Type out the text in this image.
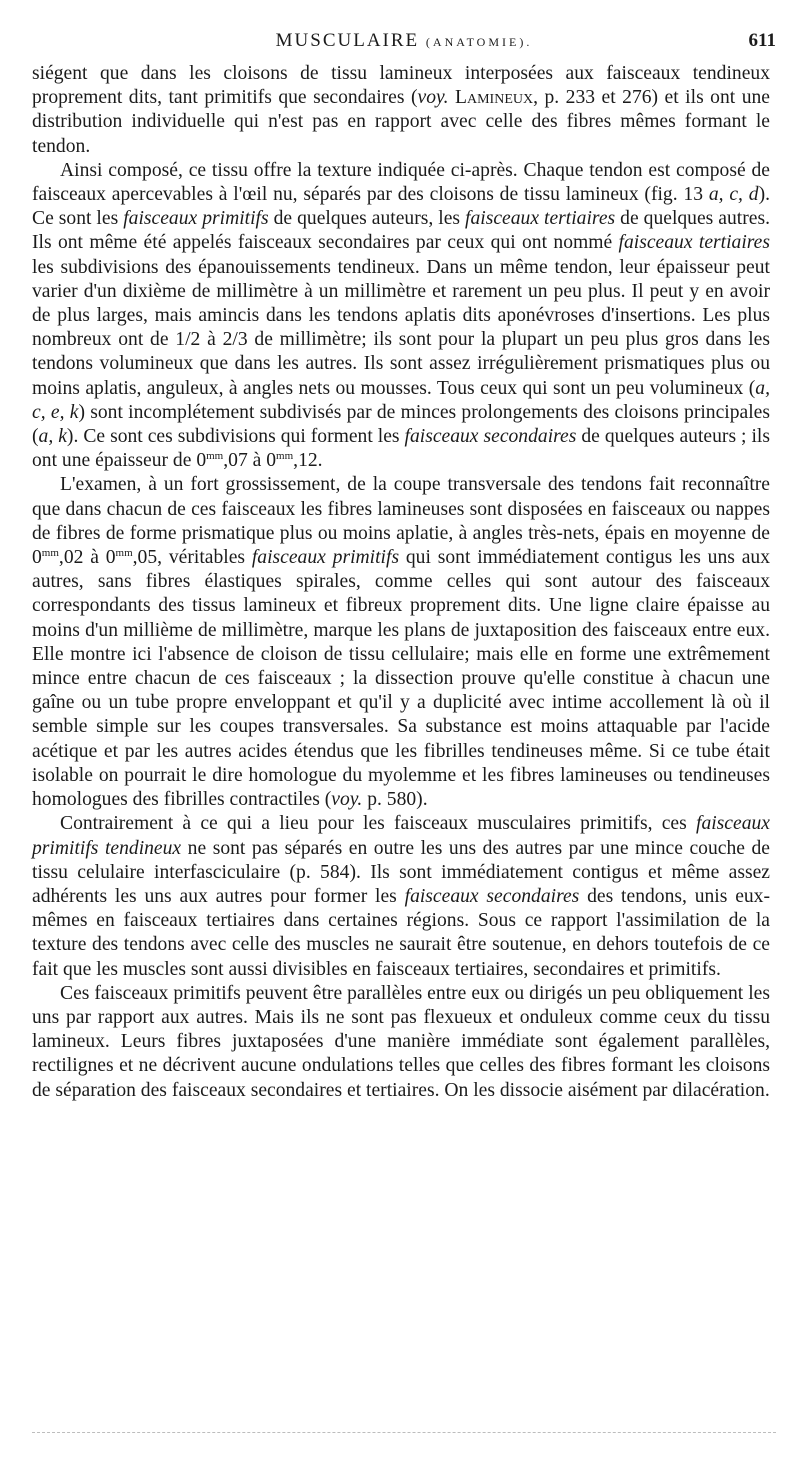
MUSCULAIRE (ANATOMIE).	611

siégent que dans les cloisons de tissu lamineux interposées aux faisceaux tendineux proprement dits, tant primitifs que secondaires (voy. Lamineux, p. 233 et 276) et ils ont une distribution individuelle qui n'est pas en rapport avec celle des fibres mêmes formant le tendon.

Ainsi composé, ce tissu offre la texture indiquée ci-après. Chaque tendon est composé de faisceaux apercevables à l'œil nu, séparés par des cloisons de tissu lamineux (fig. 13 a, c, d). Ce sont les faisceaux primitifs de quelques auteurs, les faisceaux tertiaires de quelques autres. Ils ont même été appelés faisceaux secondaires par ceux qui ont nommé faisceaux tertiaires les subdivisions des épanouissements tendineux. Dans un même tendon, leur épaisseur peut varier d'un dixième de millimètre à un millimètre et rarement un peu plus. Il peut y en avoir de plus larges, mais amincis dans les tendons aplatis dits aponévroses d'insertions. Les plus nombreux ont de 1/2 à 2/3 de millimètre; ils sont pour la plupart un peu plus gros dans les tendons volumineux que dans les autres. Ils sont assez irrégulièrement prismatiques plus ou moins aplatis, anguleux, à angles nets ou mousses. Tous ceux qui sont un peu volumineux (a, c, e, k) sont incomplétement subdivisés par de minces prolongements des cloisons principales (a, k). Ce sont ces subdivisions qui forment les faisceaux secondaires de quelques auteurs ; ils ont une épaisseur de $0^{mm},07$ à $0^{mm},12$.

L'examen, à un fort grossissement, de la coupe transversale des tendons fait reconnaître que dans chacun de ces faisceaux les fibres lamineuses sont disposées en faisceaux ou nappes de fibres de forme prismatique plus ou moins aplatie, à angles très-nets, épais en moyenne de $0^{mm},02$ à $0^{mm},05$, véritables faisceaux primitifs qui sont immédiatement contigus les uns aux autres, sans fibres élastiques spirales, comme celles qui sont autour des faisceaux correspondants des tissus lamineux et fibreux proprement dits. Une ligne claire épaisse au moins d'un millième de millimètre, marque les plans de juxtaposition des faisceaux entre eux. Elle montre ici l'absence de cloison de tissu cellulaire; mais elle en forme une extrêmement mince entre chacun de ces faisceaux ; la dissection prouve qu'elle constitue à chacun une gaîne ou un tube propre enveloppant et qu'il y a duplicité avec intime accollement là où il semble simple sur les coupes transversales. Sa substance est moins attaquable par l'acide acétique et par les autres acides étendus que les fibrilles tendineuses même. Si ce tube était isolable on pourrait le dire homologue du myolemme et les fibres lamineuses ou tendineuses homologues des fibrilles contractiles (voy. p. 580).

Contrairement à ce qui a lieu pour les faisceaux musculaires primitifs, ces faisceaux primitifs tendineux ne sont pas séparés en outre les uns des autres par une mince couche de tissu celulaire interfasciculaire (p. 584). Ils sont immédiatement contigus et même assez adhérents les uns aux autres pour former les faisceaux secondaires des tendons, unis eux-mêmes en faisceaux tertiaires dans certaines régions. Sous ce rapport l'assimilation de la texture des tendons avec celle des muscles ne saurait être soutenue, en dehors toutefois de ce fait que les muscles sont aussi divisibles en faisceaux tertiaires, secondaires et primitifs.

Ces faisceaux primitifs peuvent être parallèles entre eux ou dirigés un peu obliquement les uns par rapport aux autres. Mais ils ne sont pas flexueux et onduleux comme ceux du tissu lamineux. Leurs fibres juxtaposées d'une manière immédiate sont également parallèles, rectilignes et ne décrivent aucune ondulations telles que celles des fibres formant les cloisons de séparation des faisceaux secondaires et tertiaires. On les dissocie aisément par dilacération.
